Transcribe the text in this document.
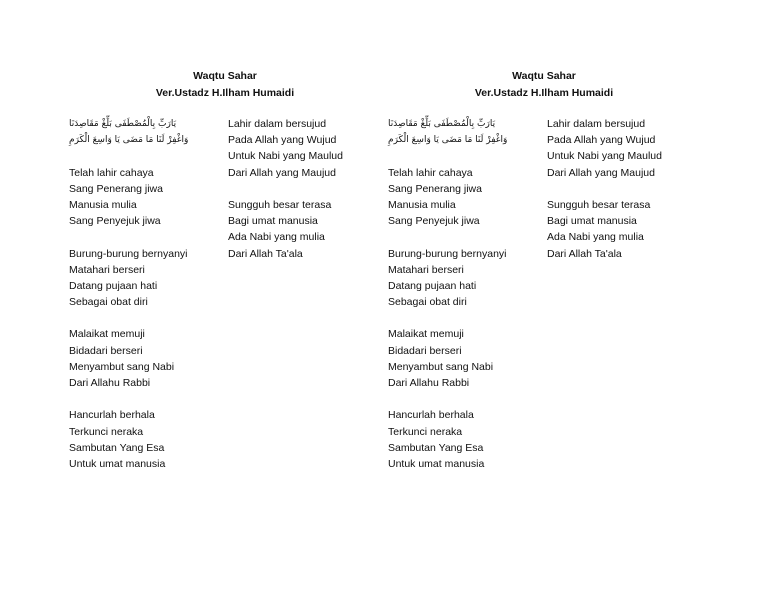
Waqtu Sahar
Ver.Ustadz H.Ilham Humaidi
يَارَبِّ بِالْمُصْطَفَى بَلِّغْ مَقَاصِدَنَا
وَاغْفِرْ لَنَا مَا مَضَى يَا وَاسِعَ الْكَرَمِ
Telah lahir cahaya
Sang Penerang jiwa
Manusia mulia
Sang Penyejuk jiwa
Burung-burung bernyanyi
Matahari berseri
Datang pujaan hati
Sebagai obat diri
Malaikat memuji
Bidadari berseri
Menyambut sang Nabi
Dari Allahu Rabbi
Hancurlah berhala
Terkunci neraka
Sambutan Yang Esa
Untuk umat manusia
Lahir dalam bersujud
Pada Allah yang Wujud
Untuk Nabi yang Maulud
Dari Allah yang Maujud
Sungguh besar terasa
Bagi umat manusia
Ada Nabi yang mulia
Dari Allah Ta'ala
Waqtu Sahar
Ver.Ustadz H.Ilham Humaidi
يَارَبِّ بِالْمُصْطَفَى بَلِّغْ مَقَاصِدَنَا
وَاغْفِرْ لَنَا مَا مَضَى يَا وَاسِعَ الْكَرَمِ
Telah lahir cahaya
Sang Penerang jiwa
Manusia mulia
Sang Penyejuk jiwa
Burung-burung bernyanyi
Matahari berseri
Datang pujaan hati
Sebagai obat diri
Malaikat memuji
Bidadari berseri
Menyambut sang Nabi
Dari Allahu Rabbi
Hancurlah berhala
Terkunci neraka
Sambutan Yang Esa
Untuk umat manusia
Lahir dalam bersujud
Pada Allah yang Wujud
Untuk Nabi yang Maulud
Dari Allah yang Maujud
Sungguh besar terasa
Bagi umat manusia
Ada Nabi yang mulia
Dari Allah Ta'ala
